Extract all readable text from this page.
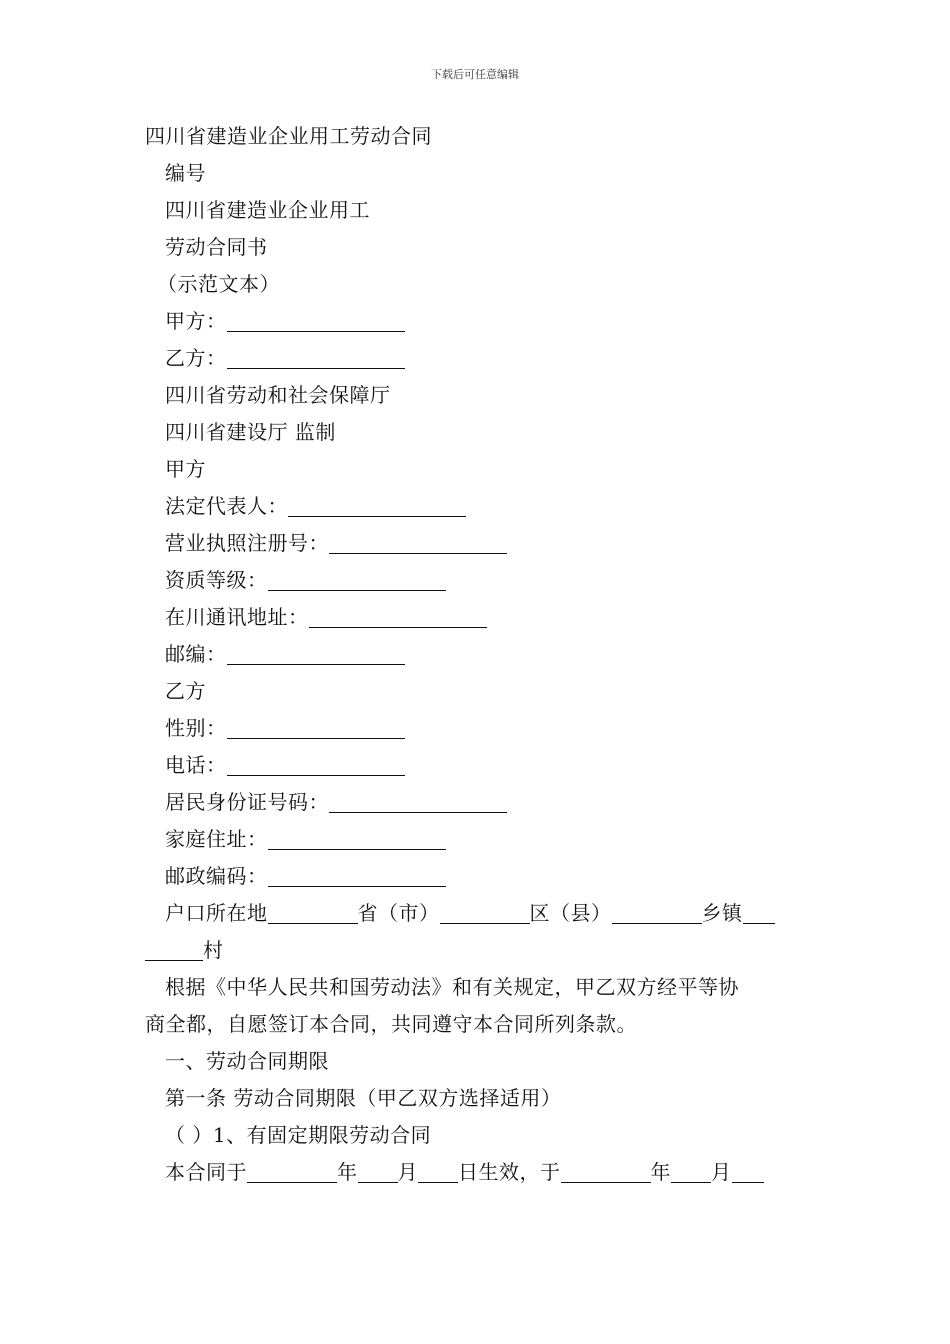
下载后可任意编辑
四川省建造业企业用工劳动合同
编号
四川省建造业企业用工
劳动合同书
（示范文本）
甲方：
乙方：
四川省劳动和社会保障厅
四川省建设厅 监制
甲方
法定代表人：
营业执照注册号：
资质等级：
在川通讯地址：
邮编：
乙方
性别：
电话：
居民身份证号码：
家庭住址：
邮政编码：
户口所在地	省（市）	区（县）	乡镇
村
根据《中华人民共和国劳动法》和有关规定，甲乙双方经平等协
商全都，自愿签订本合同，共同遵守本合同所列条款。
一、劳动合同期限
第一条 劳动合同期限（甲乙双方选择适用）
（ ）1、有固定期限劳动合同
本合同于	年 月 日生效，于	年 月
